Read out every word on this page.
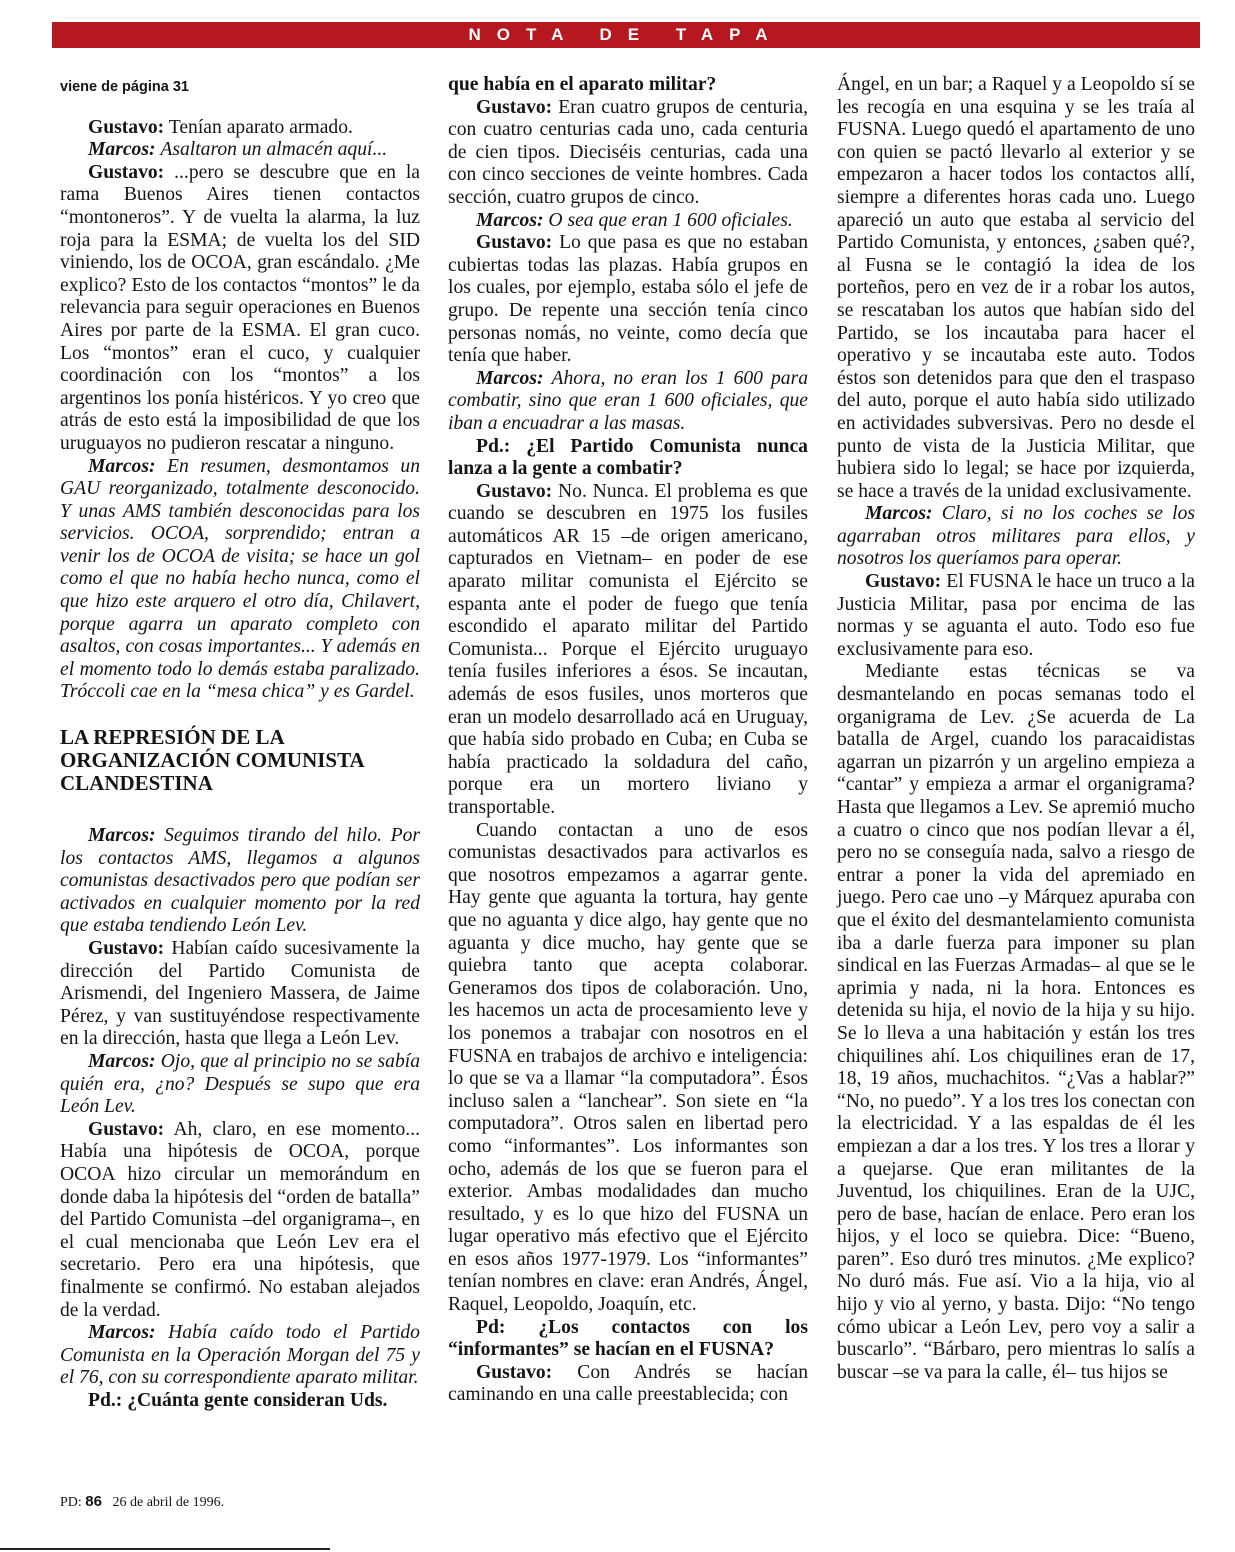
NOTA DE TAPA
viene de página 31

Gustavo: Tenían aparato armado.

Marcos: Asaltaron un almacén aquí...

Gustavo: ...pero se descubre que en la rama Buenos Aires tienen contactos “montoneros”. Y de vuelta la alarma, la luz roja para la ESMA; de vuelta los del SID viniendo, los de OCOA, gran escándalo. ¿Me explico? Esto de los contactos “montos” le da relevancia para seguir operaciones en Buenos Aires por parte de la ESMA. El gran cuco. Los “montos” eran el cuco, y cualquier coordinación con los “montos” a los argentinos los ponía histéricos. Y yo creo que atrás de esto está la imposibilidad de que los uruguayos no pudieron rescatar a ninguno.

Marcos: En resumen, desmontamos un GAU reorganizado, totalmente desconocido. Y unas AMS también desconocidas para los servicios. OCOA, sorprendido; entran a venir los de OCOA de visita; se hace un gol como el que no había hecho nunca, como el que hizo este arquero el otro día, Chilavert, porque agarra un aparato completo con asaltos, con cosas importantes... Y además en el momento todo lo demás estaba paralizado. Tróccoli cae en la “mesa chica” y es Gardel.

LA REPRESIÓN DE LA ORGANIZACIÓN COMUNISTA CLANDESTINA

Marcos: Seguimos tirando del hilo. Por los contactos AMS, llegamos a algunos comunistas desactivados pero que podían ser activados en cualquier momento por la red que estaba tendiendo León Lev.

Gustavo: Habían caído sucesivamente la dirección del Partido Comunista de Arismendi, del Ingeniero Massera, de Jaime Pérez, y van sustituyéndose respectivamente en la dirección, hasta que llega a León Lev.

Marcos: Ojo, que al principio no se sabía quién era, ¿no? Después se supo que era León Lev.

Gustavo: Ah, claro, en ese momento... Había una hipótesis de OCOA, porque OCOA hizo circular un memorándum en donde daba la hipótesis del “orden de batalla” del Partido Comunista –del organigrama–, en el cual mencionaba que León Lev era el secretario. Pero era una hipótesis, que finalmente se confirmó. No estaban alejados de la verdad.

Marcos: Había caído todo el Partido Comunista en la Operación Morgan del 75 y el 76, con su correspondiente aparato militar.

Pd.: ¿Cuánta gente consideran Uds.

que había en el aparato militar?

Gustavo: Eran cuatro grupos de centuria, con cuatro centurias cada uno, cada centuria de cien tipos. Dieciséis centurias, cada una con cinco secciones de veinte hombres. Cada sección, cuatro grupos de cinco.

Marcos: O sea que eran 1 600 oficiales.

Gustavo: Lo que pasa es que no estaban cubiertas todas las plazas. Había grupos en los cuales, por ejemplo, estaba sólo el jefe de grupo. De repente una sección tenía cinco personas nomás, no veinte, como decía que tenía que haber.

Marcos: Ahora, no eran los 1 600 para combatir, sino que eran 1 600 oficiales, que iban a encuadrar a las masas.

Pd.: ¿El Partido Comunista nunca lanza a la gente a combatir?

Gustavo: No. Nunca. El problema es que cuando se descubren en 1975 los fusiles automáticos AR 15 –de origen americano, capturados en Vietnam– en poder de ese aparato militar comunista el Ejército se espanta ante el poder de fuego que tenía escondido el aparato militar del Partido Comunista... Porque el Ejército uruguayo tenía fusiles inferiores a ésos. Se incautan, además de esos fusiles, unos morteros que eran un modelo desarrollado acá en Uruguay, que había sido probado en Cuba; en Cuba se había practicado la soldadura del caño, porque era un mortero liviano y transportable.

Cuando contactan a uno de esos comunistas desactivados para activarlos es que nosotros empezamos a agarrar gente. Hay gente que aguanta la tortura, hay gente que no aguanta y dice algo, hay gente que no aguanta y dice mucho, hay gente que se quiebra tanto que acepta colaborar. Generamos dos tipos de colaboración. Uno, les hacemos un acta de procesamiento leve y los ponemos a trabajar con nosotros en el FUSNA en trabajos de archivo e inteligencia: lo que se va a llamar “la computadora”. Ésos inclusо salen a “lanchear”. Son siete en “la computadora”. Otros salen en libertad pero como “informantes”. Los informantes son ocho, además de los que se fueron para el exterior. Ambas modalidades dan mucho resultado, y es lo que hizo del FUSNA un lugar operativo más efectivo que el Ejército en esos años 1977-1979. Los “informantes” tenían nombres en clave: eran Andrés, Ángel, Raquel, Leopoldo, Joaquín, etc.

Pd: ¿Los contactos con los “informantes” se hacían en el FUSNA?

Gustavo: Con Andrés se hacían caminando en una calle preestablecida; con

Ángel, en un bar; a Raquel y a Leopoldo sí se les recogía en una esquina y se les traía al FUSNA. Luego quedó el apartamento de uno con quien se pactó llevarlo al exterior y se empezaron a hacer todos los contactos allí, siempre a diferentes horas cada uno. Luego apareció un auto que estaba al servicio del Partido Comunista, y entonces, ¿saben qué?, al Fusna se le contagió la idea de los porteños, pero en vez de ir a robar los autos, se rescataban los autos que habían sido del Partido, se los incautaba para hacer el operativo y se incautaba este auto. Todos éstos son detenidos para que den el traspaso del auto, porque el auto había sido utilizado en actividades subversivas. Pero no desde el punto de vista de la Justicia Militar, que hubiera sido lo legal; se hace por izquierda, se hace a través de la unidad exclusivamente.

Marcos: Claro, si no los coches se los agarraban otros militares para ellos, y nosotros los queríamos para operar.

Gustavo: El FUSNA le hace un truco a la Justicia Militar, pasa por encima de las normas y se aguanta el auto. Todo eso fue exclusivamente para eso.

Mediante estas técnicas se va desmantelando en pocas semanas todo el organigrama de Lev. ¿Se acuerda de La batalla de Argel, cuando los paracaidistas agarran un pizarrón y un argelino empieza a “cantar” y empieza a armar el organigrama? Hasta que llegamos a Lev. Se apremió mucho a cuatro o cinco que nos podían llevar a él, pero no se conseguía nada, salvo a riesgo de entrar a poner la vida del apremiado en juego. Pero cae uno –y Márquez apuraba con que el éxito del desmantelamiento comunista iba a darle fuerza para imponer su plan sindical en las Fuerzas Armadas– al que se le aprimia y nada, ni la hora. Entonces es detenida su hija, el novio de la hija y su hijo. Se lo lleva a una habitación y están los tres chiquilines ahí. Los chiquilines eran de 17, 18, 19 años, muchachitos. “¿Vas a hablar?” “No, no puedo”. Y a los tres los conectan con la electricidad. Y a las espaldas de él les empiezan a dar a los tres. Y los tres a llorar y a quejarse. Que eran militantes de la Juventud, los chiquilines. Eran de la UJC, pero de base, hacían de enlace. Pero eran los hijos, y el loco se quiebra. Dice: “Bueno, paren”. Eso duró tres minutos. ¿Me explico? No duró más. Fue así. Vio a la hija, vio al hijo y vio al yerno, y basta. Dijo: “No tengo cómo ubicar a León Lev, pero voy a salir a buscarlo”. “Bárbaro, pero mientras lo salís a buscar –se va para la calle, él– tus hijos se

PD: 86 26 de abril de 1996.
